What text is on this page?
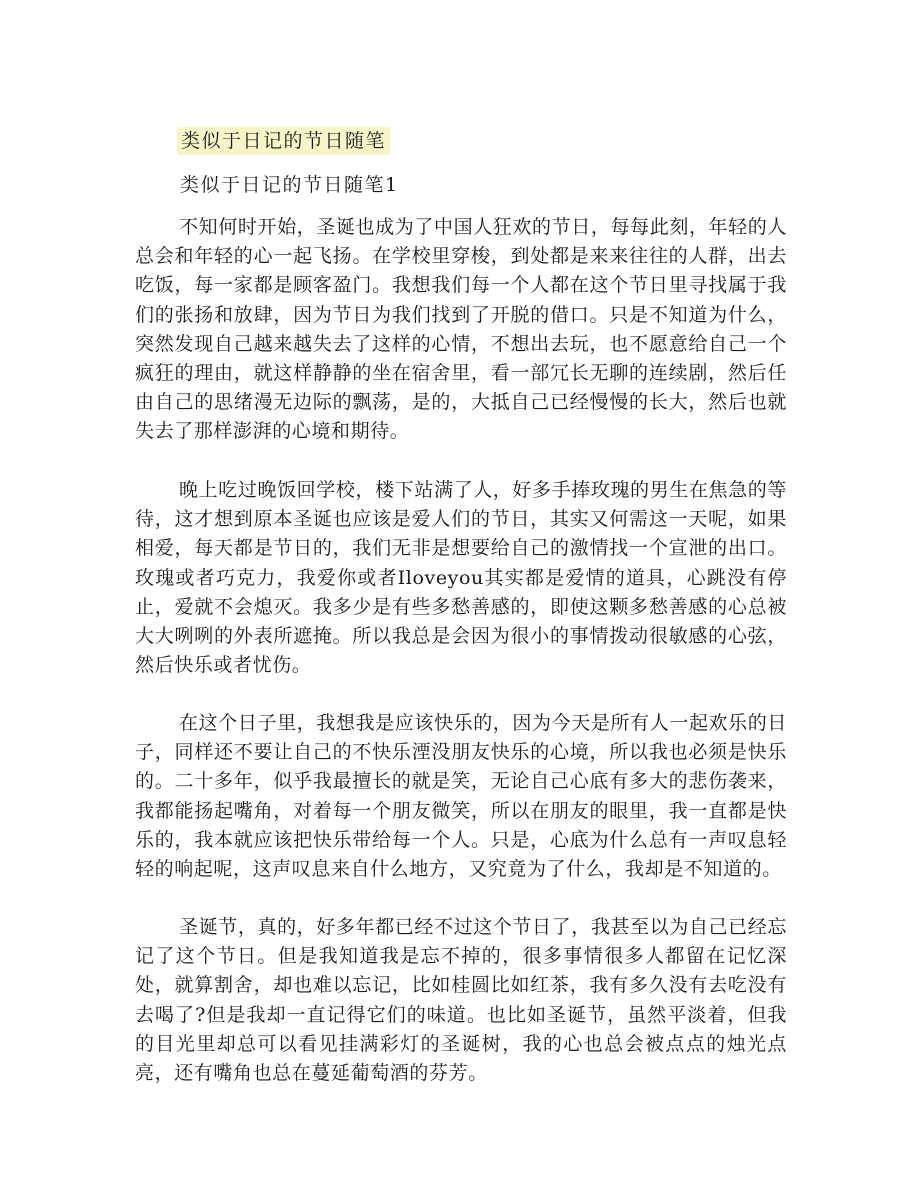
类似于日记的节日随笔
类似于日记的节日随笔1

不知何时开始，圣诞也成为了中国人狂欢的节日，每每此刻，年轻的人总会和年轻的心一起飞扬。在学校里穿梭，到处都是来来往往的人群，出去吃饭，每一家都是顾客盈门。我想我们每一个人都在这个节日里寻找属于我们的张扬和放肆，因为节日为我们找到了开脱的借口。只是不知道为什么，突然发现自己越来越失去了这样的心情，不想出去玩，也不愿意给自己一个疯狂的理由，就这样静静的坐在宿舍里，看一部冗长无聊的连续剧，然后任由自己的思绪漫无边际的飘荡，是的，大抵自己已经慢慢的长大，然后也就失去了那样澎湃的心境和期待。

晚上吃过晚饭回学校，楼下站满了人，好多手捧玫瑰的男生在焦急的等待，这才想到原本圣诞也应该是爱人们的节日，其实又何需这一天呢，如果相爱，每天都是节日的，我们无非是想要给自己的激情找一个宣泄的出口。玫瑰或者巧克力，我爱你或者Iloveyou其实都是爱情的道具，心跳没有停止，爱就不会熄灭。我多少是有些多愁善感的，即使这颗多愁善感的心总被大大咧咧的外表所遮掩。所以我总是会因为很小的事情拨动很敏感的心弦，然后快乐或者忧伤。

在这个日子里，我想我是应该快乐的，因为今天是所有人一起欢乐的日子，同样还不要让自己的不快乐湮没朋友快乐的心境，所以我也必须是快乐的。二十多年，似乎我最擅长的就是笑，无论自己心底有多大的悲伤袭来，我都能扬起嘴角，对着每一个朋友微笑，所以在朋友的眼里，我一直都是快乐的，我本就应该把快乐带给每一个人。只是，心底为什么总有一声叹息轻轻的响起呢，这声叹息来自什么地方，又究竟为了什么，我却是不知道的。

圣诞节，真的，好多年都已经不过这个节日了，我甚至以为自己已经忘记了这个节日。但是我知道我是忘不掉的，很多事情很多人都留在记忆深处，就算割舍，却也难以忘记，比如桂圆比如红茶，我有多久没有去吃没有去喝了?但是我却一直记得它们的味道。也比如圣诞节，虽然平淡着，但我的目光里却总可以看见挂满彩灯的圣诞树，我的心也总会被点点的烛光点亮，还有嘴角也总在蔓延葡萄酒的芬芳。
